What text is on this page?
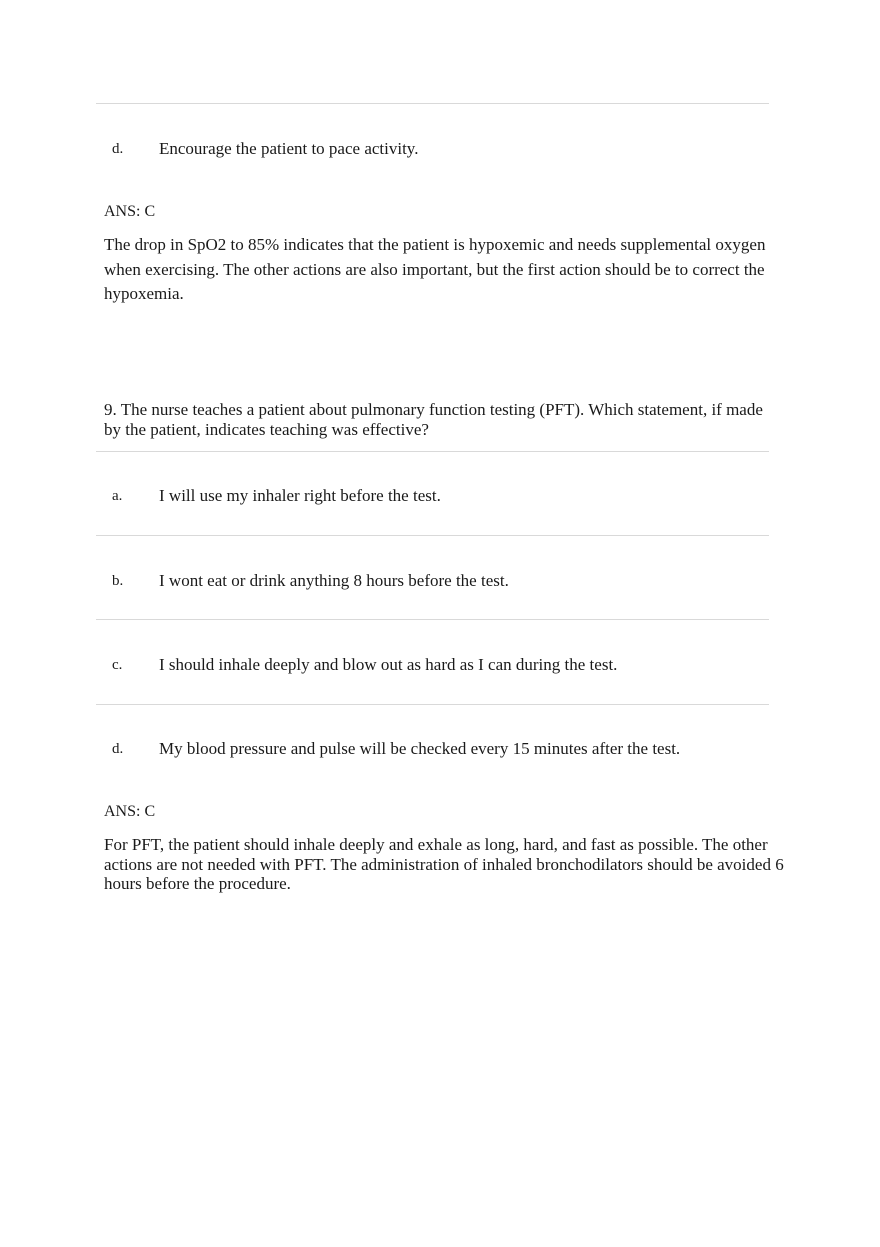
d. Encourage the patient to pace activity.
ANS: C

The drop in SpO2 to 85% indicates that the patient is hypoxemic and needs supplemental oxygen when exercising. The other actions are also important, but the first action should be to correct the hypoxemia.

9. The nurse teaches a patient about pulmonary function testing (PFT). Which statement, if made by the patient, indicates teaching was effective?

a. I will use my inhaler right before the test.
b. I wont eat or drink anything 8 hours before the test.
c. I should inhale deeply and blow out as hard as I can during the test.
d. My blood pressure and pulse will be checked every 15 minutes after the test.
ANS: C

For PFT, the patient should inhale deeply and exhale as long, hard, and fast as possible. The other actions are not needed with PFT. The administration of inhaled bronchodilators should be avoided 6 hours before the procedure.
